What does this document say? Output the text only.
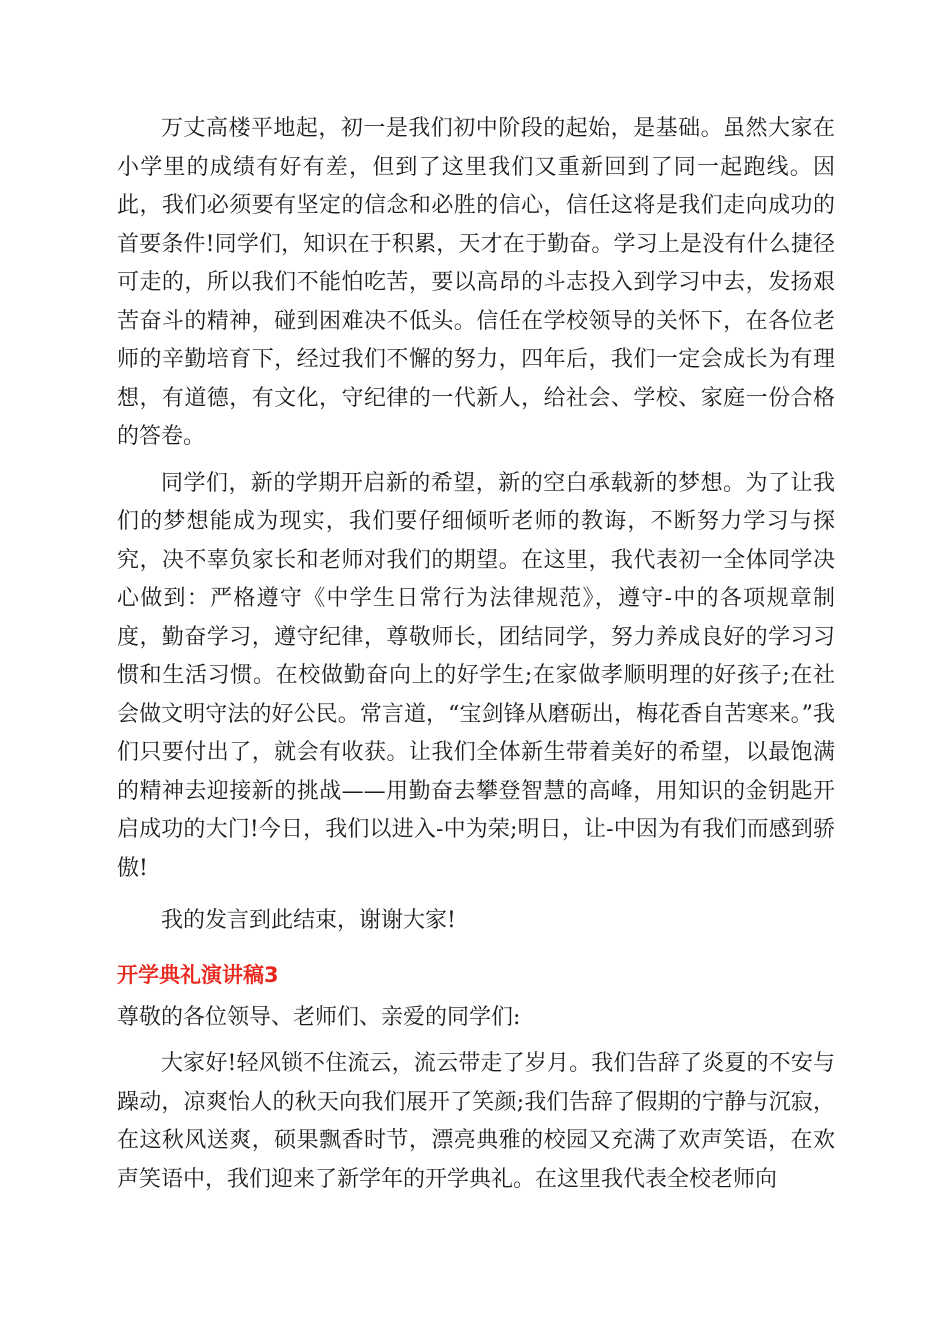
万丈高楼平地起，初一是我们初中阶段的起始，是基础。虽然大家在小学里的成绩有好有差，但到了这里我们又重新回到了同一起跑线。因此，我们必须要有坚定的信念和必胜的信心，信任这将是我们走向成功的首要条件!同学们，知识在于积累，天才在于勤奋。学习上是没有什么捷径可走的，所以我们不能怕吃苦，要以高昂的斗志投入到学习中去，发扬艰苦奋斗的精神，碰到困难决不低头。信任在学校领导的关怀下，在各位老师的辛勤培育下，经过我们不懈的努力，四年后，我们一定会成长为有理想，有道德，有文化，守纪律的一代新人，给社会、学校、家庭一份合格的答卷。

同学们，新的学期开启新的希望，新的空白承载新的梦想。为了让我们的梦想能成为现实，我们要仔细倾听老师的教诲，不断努力学习与探究，决不辜负家长和老师对我们的期望。在这里，我代表初一全体同学决心做到：严格遵守《中学生日常行为法律规范》，遵守-中的各项规章制度，勤奋学习，遵守纪律，尊敬师长，团结同学，努力养成良好的学习习惯和生活习惯。在校做勤奋向上的好学生;在家做孝顺明理的好孩子;在社会做文明守法的好公民。常言道，“宝剑锋从磨砺出，梅花香自苦寒来。”我们只要付出了，就会有收获。让我们全体新生带着美好的希望，以最饱满的精神去迎接新的挑战——用勤奋去攀登智慧的高峰，用知识的金钥匙开启成功的大门!今日，我们以进入-中为荣;明日，让-中因为有我们而感到骄傲!

我的发言到此结束，谢谢大家!

开学典礼演讲稿3

尊敬的各位领导、老师们、亲爱的同学们:

大家好!轻风锁不住流云，流云带走了岁月。我们告辞了炎夏的不安与躁动，凉爽怡人的秋天向我们展开了笑颜;我们告辞了假期的宁静与沉寂，在这秋风送爽，硕果飘香时节，漂亮典雅的校园又充满了欢声笑语，在欢声笑语中，我们迎来了新学年的开学典礼。在这里我代表全校老师向
